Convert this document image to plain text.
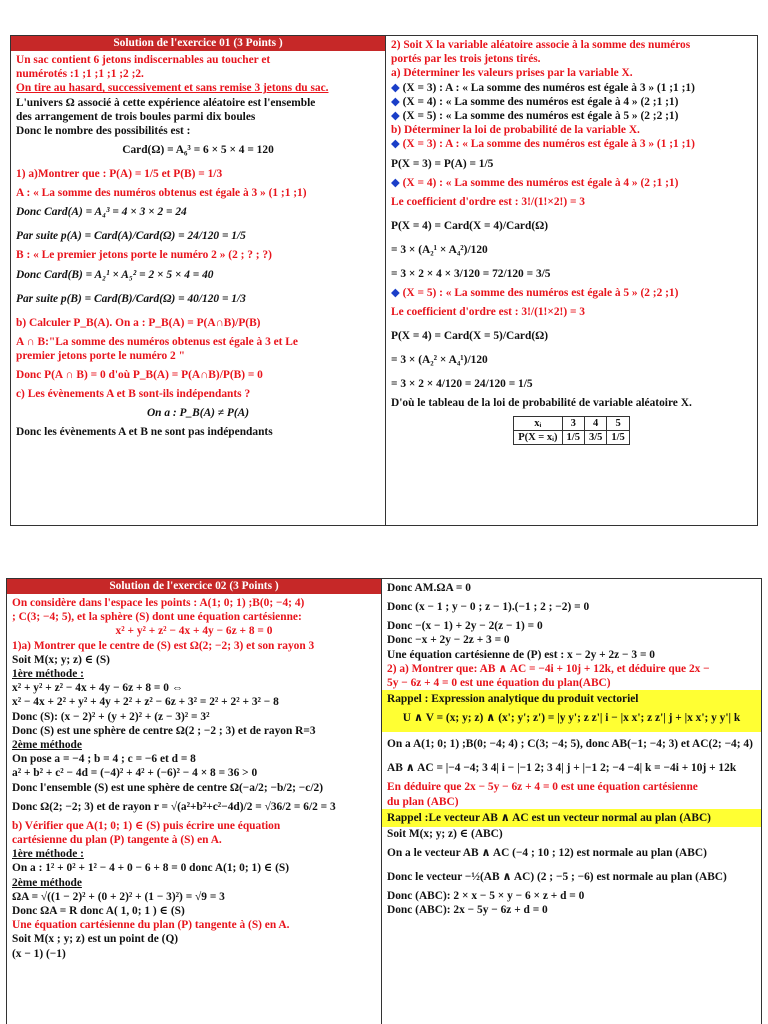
Solution de l'exercice 01 (3 Points )
Un sac contient 6 jetons indiscernables au toucher et
numérotés :1 ;1 ;1 ;1 ;2 ;2.
On tire au hasard, successivement et sans remise 3 jetons du sac.
L'univers Ω associé à cette expérience aléatoire est l'ensemble
des arrangement de trois boules parmi dix boules
Donc le nombre des possibilités est :
Card(Ω) = A₆³ = 6 × 5 × 4 = 120
1) a)Montrer que : P(A) = 1/5 et P(B) = 1/3
A : « La somme des numéros obtenus est égale à 3 » (1 ;1 ;1)
Donc Card(A) = A₄³ = 4 × 3 × 2 = 24
Par suite p(A) = Card(A)/Card(Ω) = 24/120 = 1/5
B : « Le premier jetons porte le numéro 2 » (2 ; ? ; ?)
Donc Card(B) = A₂¹ × A₅² = 2 × 5 × 4 = 40
Par suite p(B) = Card(B)/Card(Ω) = 40/120 = 1/3
b) Calculer P_B(A). On a : P_B(A) = P(A∩B)/P(B)
A ∩ B:"La somme des numéros obtenus est égale à 3 et Le
premier jetons porte le numéro 2 "
Donc P(A ∩ B) = 0 d'où P_B(A) = P(A∩B)/P(B) = 0
c) Les évènements A et B sont-ils indépendants ?
On a : P_B(A) ≠ P(A)
Donc les évènements A et B ne sont pas indépendants
2) Soit X la variable aléatoire associe à la somme des numéros
portés par les trois jetons tirés.
a) Déterminer les valeurs prises par la variable X.
◆ (X = 3) : A : « La somme des numéros est égale à 3 » (1 ;1 ;1)
◆ (X = 4) : « La somme des numéros est égale à 4 » (2 ;1 ;1)
◆ (X = 5) : « La somme des numéros est égale à 5 » (2 ;2 ;1)
b) Déterminer la loi de probabilité de la variable X.
◆ (X = 3) : A : « La somme des numéros est égale à 3 » (1 ;1 ;1)
P(X = 3) = P(A) = 1/5
◆ (X = 4) : « La somme des numéros est égale à 4 » (2 ;1 ;1)
Le coefficient d'ordre est : 3!/(1!×2!) = 3
P(X = 4) = Card(X = 4)/Card(Ω)
= 3 × (A₂¹ × A₄²)/120
= 3 × 2 × 4 × 3/120 = 72/120 = 3/5
◆ (X = 5) : « La somme des numéros est égale à 5 » (2 ;2 ;1)
Le coefficient d'ordre est : 3!/(1!×2!) = 3
P(X = 4) = Card(X = 5)/Card(Ω)
= 3 × (A₂² × A₄¹)/120
= 3 × 2 × 4/120 = 24/120 = 1/5
D'où le tableau de la loi de probabilité de variable aléatoire X.
xᵢ	3	4	5
P(X = xᵢ)	1/5	3/5	1/5
Solution de l'exercice 02 (3 Points )
On considère dans l'espace les points : A(1; 0; 1) ;B(0; −4; 4)
; C(3; −4; 5), et la sphère (S) dont une équation cartésienne:
x² + y² + z² − 4x + 4y − 6z + 8 = 0
1)a) Montrer que le centre de (S) est Ω(2; −2; 3) et son rayon 3
Soit M(x; y; z) ∈ (S)
1ère méthode :
x² + y² + z² − 4x + 4y − 6z + 8 = 0 ⇔
x² − 4x + 2² + y² + 4y + 2² + z² − 6z + 3² = 2² + 2² + 3² − 8
Donc (S): (x − 2)² + (y + 2)² + (z − 3)² = 3²
Donc (S) est une sphère de centre Ω(2 ; −2 ; 3) et de rayon R=3
2ème méthode
On pose a = −4 ; b = 4 ; c = −6 et d = 8
a² + b² + c² − 4d = (−4)² + 4² + (−6)² − 4 × 8 = 36 > 0
Donc l'ensemble (S) est une sphère de centre Ω(−a/2; −b/2; −c/2)
Donc Ω(2; −2; 3) et de rayon r = √(a²+b²+c²−4d)/2 = √36/2 = 6/2 = 3
b) Vérifier que A(1; 0; 1) ∈ (S) puis écrire une équation
cartésienne du plan (P) tangente à (S) en A.
1ère méthode :
On a : 1² + 0² + 1² − 4 + 0 − 6 + 8 = 0 donc A(1; 0; 1) ∈ (S)
2ème méthode
ΩA = √((1 − 2)² + (0 + 2)² + (1 − 3)²) = √9 = 3
Donc ΩA = R donc A( 1, 0; 1 ) ∈ (S)
Une équation cartésienne du plan (P) tangente à (S) en A.
Soit M(x ; y; z) est un point de (Q)
(x − 1) (−1)
Donc AM.ΩA = 0
Donc (x − 1 ; y − 0 ; z − 1).(−1 ; 2 ; −2) = 0
Donc −(x − 1) + 2y − 2(z − 1) = 0
Donc −x + 2y − 2z + 3 = 0
Une équation cartésienne de (P) est : x − 2y + 2z − 3 = 0
2) a) Montrer que: AB ∧ AC = −4i + 10j + 12k, et déduire que 2x −
5y − 6z + 4 = 0 est une équation du plan(ABC)
Rappel : Expression analytique du produit vectoriel
U ∧ V = (x; y; z) ∧ (x'; y'; z') = |y y'; z z'| i − |x x'; z z'| j + |x x'; y y'| k
On a A(1; 0; 1) ;B(0; −4; 4) ; C(3; −4; 5), donc AB(−1; −4; 3) et AC(2; −4; 4)
AB ∧ AC = |−4 −4; 3 4| i − |−1 2; 3 4| j + |−1 2; −4 −4| k = −4i + 10j + 12k
En déduire que 2x − 5y − 6z + 4 = 0 est une équation cartésienne
du plan (ABC)
Rappel :Le vecteur AB ∧ AC est un vecteur normal au plan (ABC)
Soit M(x; y; z) ∈ (ABC)
On a le vecteur AB ∧ AC (−4 ; 10 ; 12) est normale au plan (ABC)
Donc le vecteur −½(AB ∧ AC) (2 ; −5 ; −6) est normale au plan (ABC)
Donc (ABC): 2 × x − 5 × y − 6 × z + d = 0
Donc (ABC): 2x − 5y − 6z + d = 0
